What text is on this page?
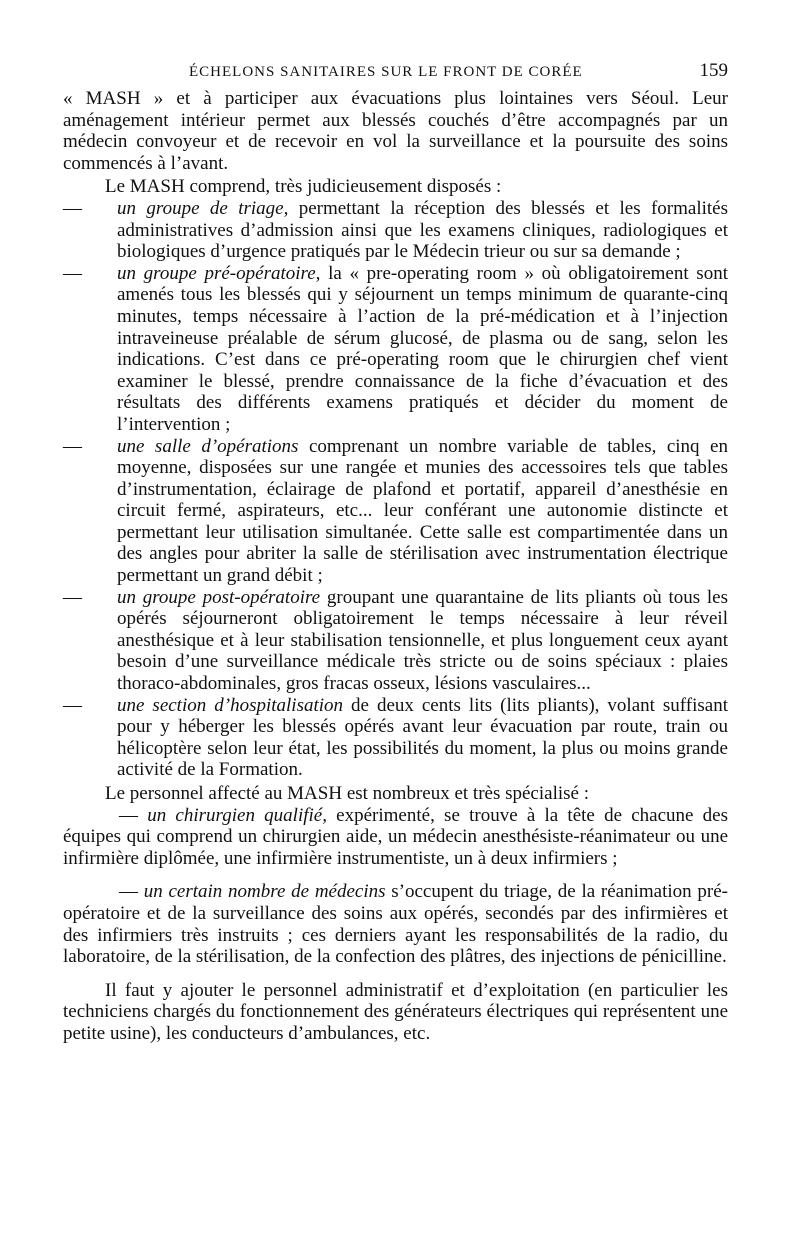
ÉCHELONS SANITAIRES SUR LE FRONT DE CORÉE	159

« MASH » et à participer aux évacuations plus lointaines vers Séoul. Leur aménagement intérieur permet aux blessés couchés d’être accompagnés par un médecin convoyeur et de recevoir en vol la surveillance et la poursuite des soins commencés à l’avant.

Le MASH comprend, très judicieusement disposés :

— un groupe de triage, permettant la réception des blessés et les formalités administratives d’admission ainsi que les examens cliniques, radiologiques et biologiques d’urgence pratiqués par le Médecin trieur ou sur sa demande ;

— un groupe pré-opératoire, la « pre-operating room » où obligatoirement sont amenés tous les blessés qui y séjournent un temps minimum de quarante-cinq minutes, temps nécessaire à l’action de la pré-médication et à l’injection intraveineuse préalable de sérum glucosé, de plasma ou de sang, selon les indications. C’est dans ce pré-operating room que le chirurgien chef vient examiner le blessé, prendre connaissance de la fiche d’évacuation et des résultats des différents examens pratiqués et décider du moment de l’intervention ;

— une salle d’opérations comprenant un nombre variable de tables, cinq en moyenne, disposées sur une rangée et munies des accessoires tels que tables d’instrumentation, éclairage de plafond et portatif, appareil d’anesthésie en circuit fermé, aspirateurs, etc... leur conférant une autonomie distincte et permettant leur utilisation simultanée. Cette salle est compartimentée dans un des angles pour abriter la salle de stérilisation avec instrumentation électrique permettant un grand débit ;

— un groupe post-opératoire groupant une quarantaine de lits pliants où tous les opérés séjourneront obligatoirement le temps nécessaire à leur réveil anesthésique et à leur stabilisation tensionnelle, et plus longuement ceux ayant besoin d’une surveillance médicale très stricte ou de soins spéciaux : plaies thoraco-abdominales, gros fracas osseux, lésions vasculaires...

— une section d’hospitalisation de deux cents lits (lits pliants), volant suffisant pour y héberger les blessés opérés avant leur évacuation par route, train ou hélicoptère selon leur état, les possibilités du moment, la plus ou moins grande activité de la Formation.

Le personnel affecté au MASH est nombreux et très spécialisé :

— un chirurgien qualifié, expérimenté, se trouve à la tête de chacune des équipes qui comprend un chirurgien aide, un médecin anesthésiste-réanimateur ou une infirmière diplômée, une infirmière instrumentiste, un à deux infirmiers ;

— un certain nombre de médecins s’occupent du triage, de la réanimation pré-opératoire et de la surveillance des soins aux opérés, secondés par des infirmières et des infirmiers très instruits ; ces derniers ayant les responsabilités de la radio, du laboratoire, de la stérilisation, de la confection des plâtres, des injections de pénicilline.

Il faut y ajouter le personnel administratif et d’exploitation (en particulier les techniciens chargés du fonctionnement des générateurs électriques qui représentent une petite usine), les conducteurs d’ambulances, etc.
